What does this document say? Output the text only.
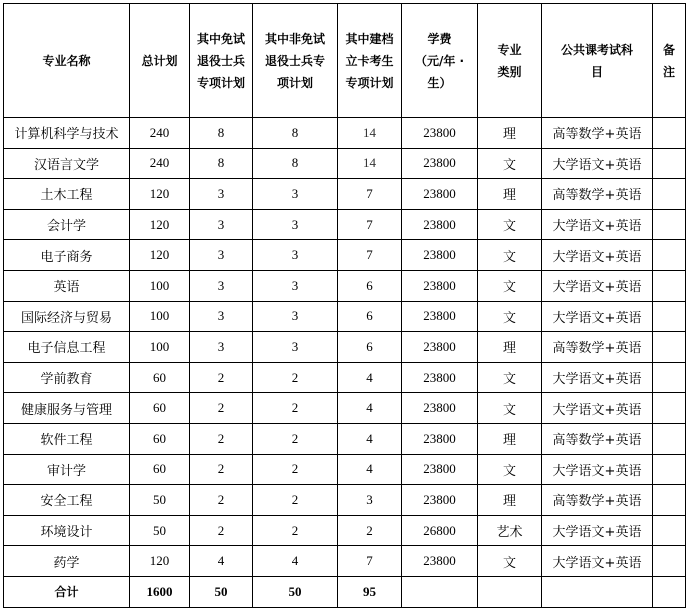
专业名称	总计划	其中免试退役士兵专项计划	其中非免试退役士兵专项计划	其中建档立卡考生专项计划	学费（元/年 ·生）	专业类别	公共课考试科目	备注
计算机科学与技术	240	8	8	14	23800	理	高等数学+英语	
汉语言文学	240	8	8	14	23800	文	大学语文+英语	
土木工程	120	3	3	7	23800	理	高等数学+英语	
会计学	120	3	3	7	23800	文	大学语文+英语	
电子商务	120	3	3	7	23800	文	大学语文+英语	
英语	100	3	3	6	23800	文	大学语文+英语	
国际经济与贸易	100	3	3	6	23800	文	大学语文+英语	
电子信息工程	100	3	3	6	23800	理	高等数学+英语	
学前教育	60	2	2	4	23800	文	大学语文+英语	
健康服务与管理	60	2	2	4	23800	文	大学语文+英语	
软件工程	60	2	2	4	23800	理	高等数学+英语	
审计学	60	2	2	4	23800	文	大学语文+英语	
安全工程	50	2	2	3	23800	理	高等数学+英语	
环境设计	50	2	2	2	26800	艺术	大学语文+英语	
药学	120	4	4	7	23800	文	大学语文+英语	
合计	1600	50	50	95				
